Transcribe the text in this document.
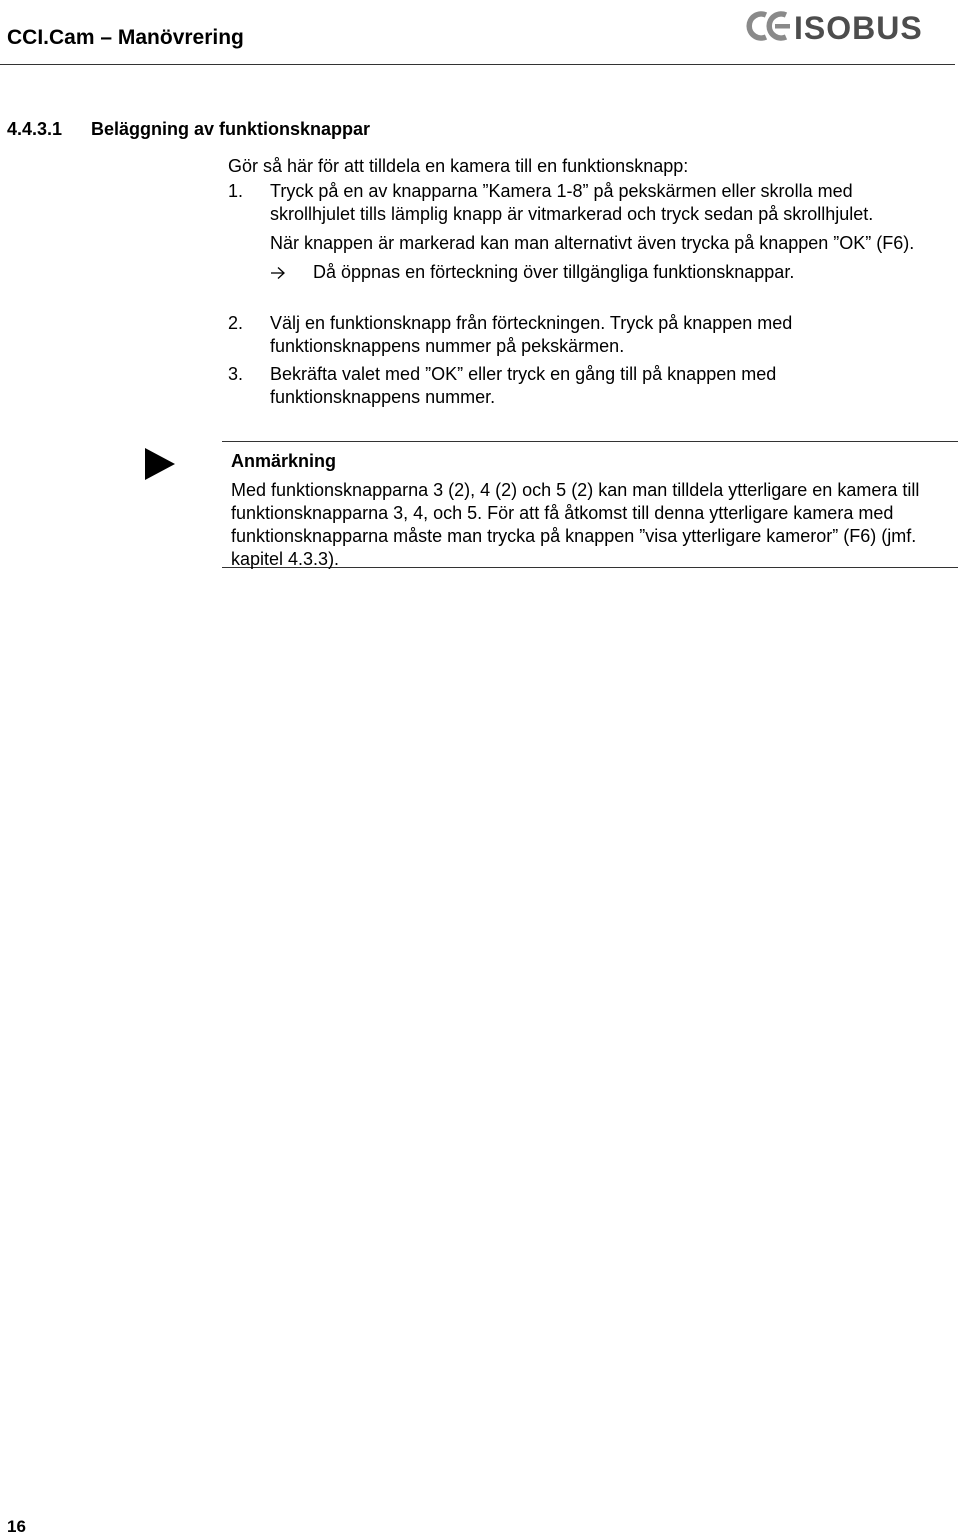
CCI.Cam – Manövrering	ISOBUS
4.4.3.1 Beläggning av funktionsknappar
Gör så här för att tilldela en kamera till en funktionsknapp:
1. Tryck på en av knapparna ”Kamera 1-8” på pekskärmen eller skrolla med skrollhjulet tills lämplig knapp är vitmarkerad och tryck sedan på skrollhjulet.
När knappen är markerad kan man alternativt även trycka på knappen ”OK” (F6).
Då öppnas en förteckning över tillgängliga funktionsknappar.
2. Välj en funktionsknapp från förteckningen. Tryck på knappen med funktionsknappens nummer på pekskärmen.
3. Bekräfta valet med ”OK” eller tryck en gång till på knappen med funktionsknappens nummer.
Anmärkning
Med funktionsknapparna 3 (2), 4 (2) och 5 (2) kan man tilldela ytterligare en kamera till funktionsknapparna 3, 4, och 5. För att få åtkomst till denna ytterligare kamera med funktionsknapparna måste man trycka på knappen ”visa ytterligare kameror” (F6) (jmf. kapitel 4.3.3).
16
